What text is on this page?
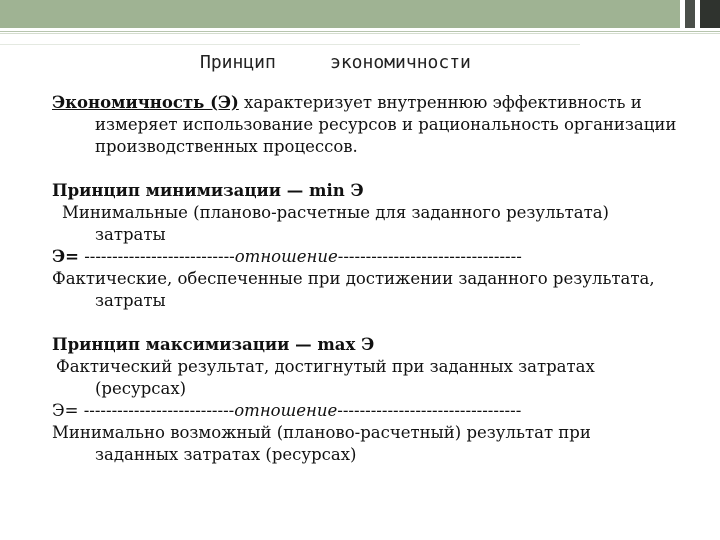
Принцип	экономичности

Экономичность (Э) характеризует внутреннюю эффективность и

измеряет использование ресурсов и рациональность организации

производственных процессов.

Принцип минимизации — min Э

Минимальные (планово-расчетные для заданного результата)

затраты

Э= ---------------------------отношение---------------------------------

Фактические, обеспеченные при достижении заданного результата,

затраты

Принцип максимизации — max Э

Фактический результат, достигнутый при заданных затратах

(ресурсах)

Э= ---------------------------отношение---------------------------------

Минимально возможный (планово-расчетный) результат при

заданных затратах (ресурсах)
